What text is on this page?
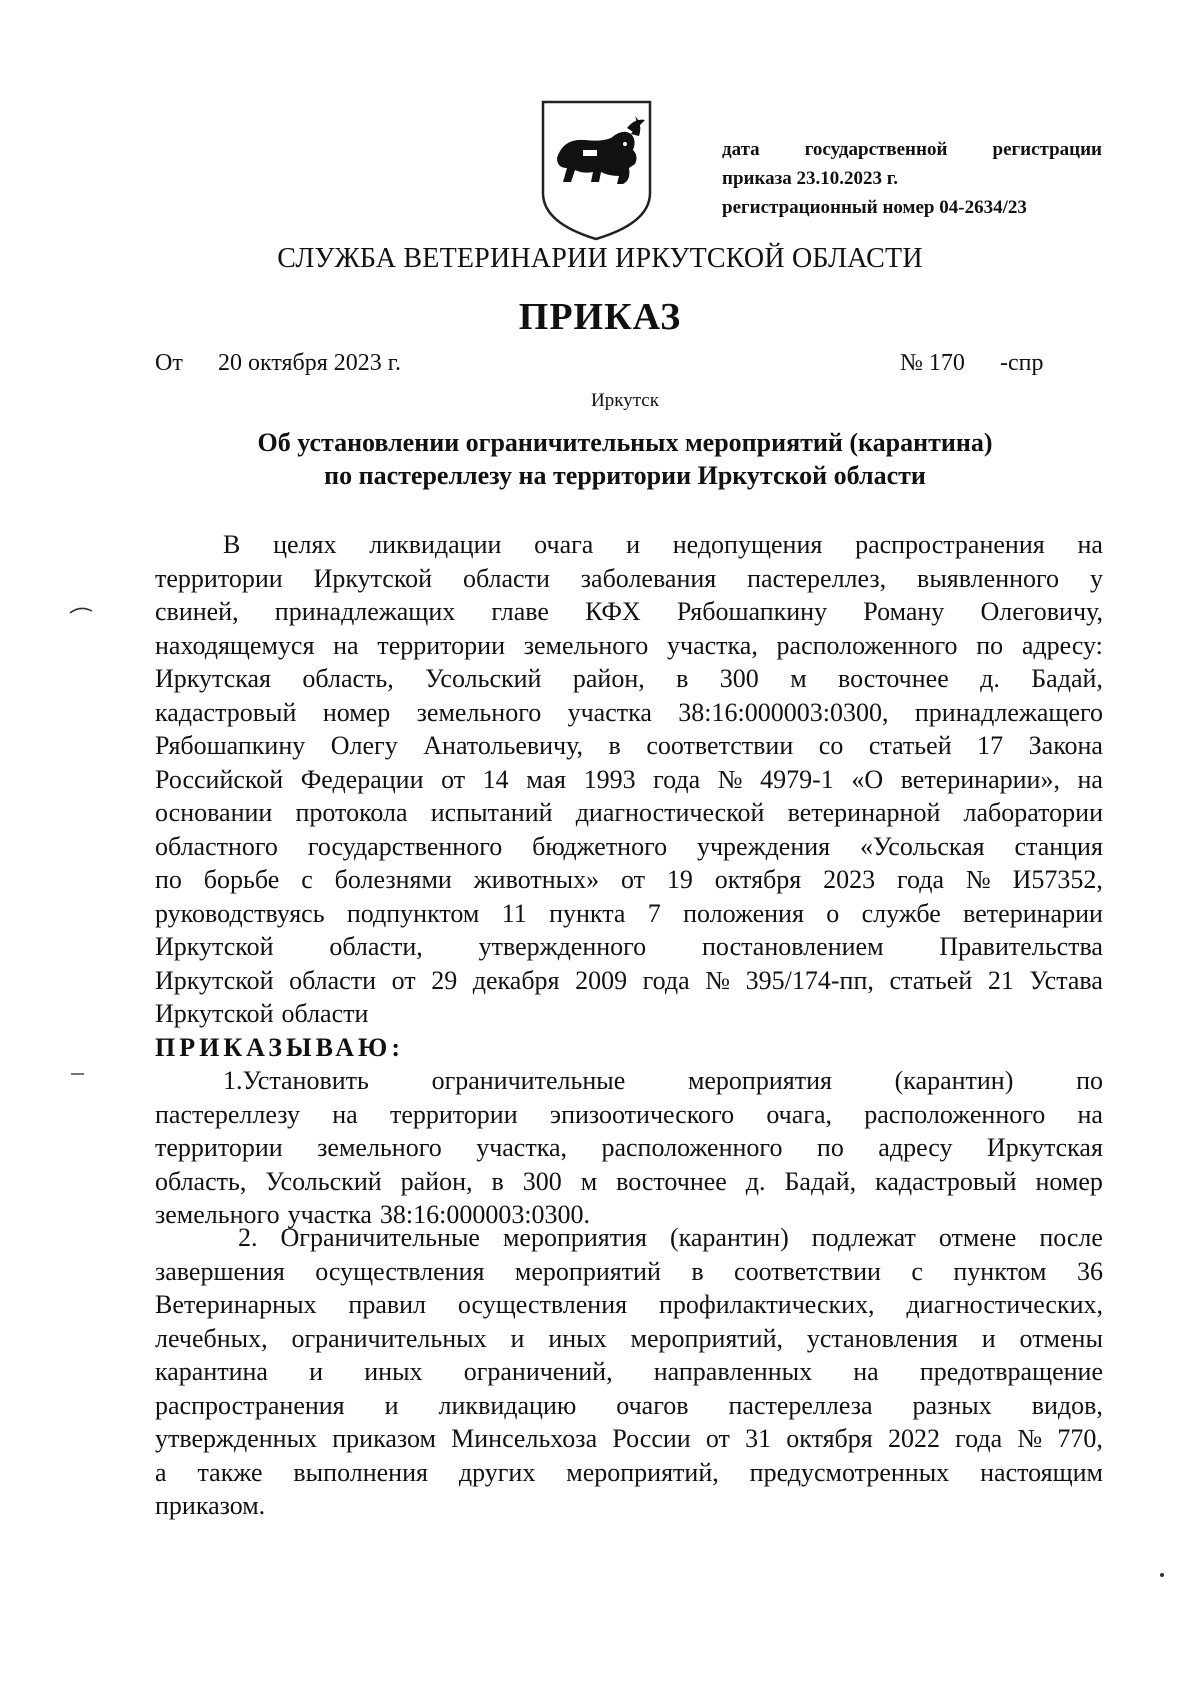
дата государственной регистрации
приказа 23.10.2023 г.
регистрационный номер 04-2634/23
СЛУЖБА ВЕТЕРИНАРИИ ИРКУТСКОЙ ОБЛАСТИ
ПРИКАЗ
От 20 октября 2023 г.	№ 170 -спр
Иркутск
Об установлении ограничительных мероприятий (карантина)
по пастереллезу на территории Иркутской области
В целях ликвидации очага и недопущения распространения на
территории Иркутской области заболевания пастереллез, выявленного у
свиней, принадлежащих главе КФХ Рябошапкину Роману Олеговичу,
находящемуся на территории земельного участка, расположенного по адресу:
Иркутская область, Усольский район, в 300 м восточнее д. Бадай,
кадастровый номер земельного участка 38:16:000003:0300, принадлежащего
Рябошапкину Олегу Анатольевичу, в соответствии со статьей 17 Закона
Российской Федерации от 14 мая 1993 года № 4979-1 «О ветеринарии», на
основании протокола испытаний диагностической ветеринарной лаборатории
областного государственного бюджетного учреждения «Усольская станция
по борьбе с болезнями животных» от 19 октября 2023 года № И57352,
руководствуясь подпунктом 11 пункта 7 положения о службе ветеринарии
Иркутской области, утвержденного постановлением Правительства
Иркутской области от 29 декабря 2009 года № 395/174-пп, статьей 21 Устава
Иркутской области
ПРИКАЗЫВАЮ:
1.Установить ограничительные мероприятия (карантин) по
пастереллезу на территории эпизоотического очага, расположенного на
территории земельного участка, расположенного по адресу Иркутская
область, Усольский район, в 300 м восточнее д. Бадай, кадастровый номер
земельного участка 38:16:000003:0300.
2. Ограничительные мероприятия (карантин) подлежат отмене после
завершения осуществления мероприятий в соответствии с пунктом 36
Ветеринарных правил осуществления профилактических, диагностических,
лечебных, ограничительных и иных мероприятий, установления и отмены
карантина и иных ограничений, направленных на предотвращение
распространения и ликвидацию очагов пастереллеза разных видов,
утвержденных приказом Минсельхоза России от 31 октября 2022 года № 770,
а также выполнения других мероприятий, предусмотренных настоящим
приказом.
